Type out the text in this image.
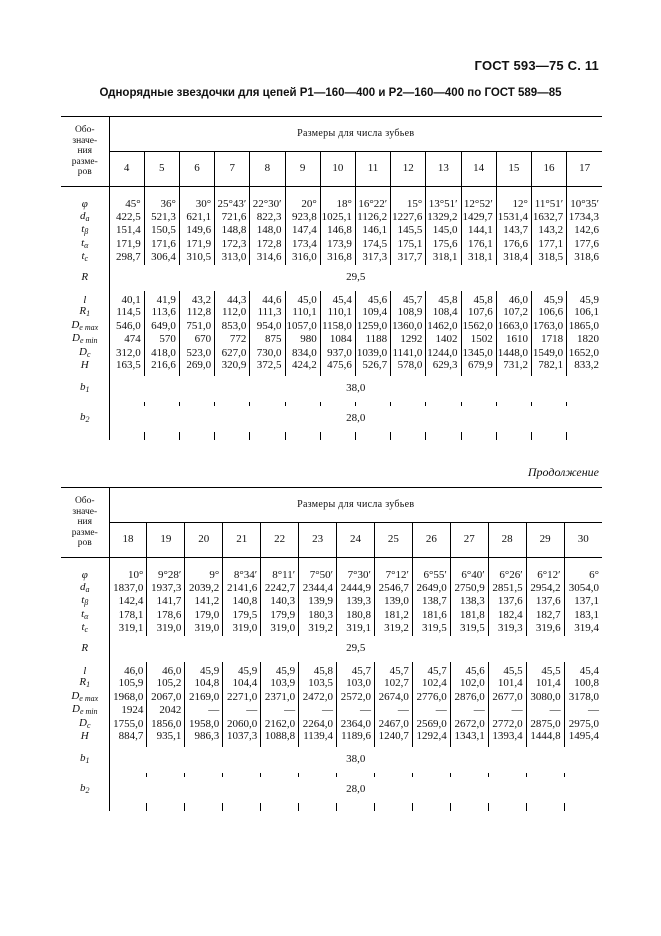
ГОСТ 593—75 С. 11
Однорядные звездочки для цепей Р1—160—400 и Р2—160—400 по ГОСТ 589—85
Обо-
значе-
ния
разме-
ров	Размеры для числа зубьев													
	4	5	6	7	8	9	10	11	12	13	14	15	16	17

φ	45°	36°	30°	25°43′	22°30′	20°	18°	16°22′	15°	13°51′	12°52′	12°	11°51′	10°35′
$d_a$	422,5	521,3	621,1	721,6	822,3	923,8	1025,1	1126,2	1227,6	1329,2	1429,7	1531,4	1632,7	1734,3
$t_\beta$	151,4	150,5	149,6	148,8	148,0	147,4	146,8	146,1	145,5	145,0	144,1	143,7	143,2	142,6
$t_\alpha$	171,9	171,6	171,9	172,3	172,8	173,4	173,9	174,5	175,1	175,6	176,1	176,6	177,1	177,6
$t_c$	298,7	306,4	310,5	313,0	314,6	316,0	316,8	317,3	317,7	318,1	318,1	318,4	318,5	318,6
R	29,5													

l	40,1	41,9	43,2	44,3	44,6	45,0	45,4	45,6	45,7	45,8	45,8	46,0	45,9	45,9
$R_1$	114,5	113,6	112,8	112,0	111,3	110,1	110,1	109,4	108,9	108,4	107,6	107,2	106,6	106,1
$D_{e max}$	546,0	649,0	751,0	853,0	954,0	1057,0	1158,0	1259,0	1360,0	1462,0	1562,0	1663,0	1763,0	1865,0
$D_{e min}$	474	570	670	772	875	980	1084	1188	1292	1402	1502	1610	1718	1820
$D_c$	312,0	418,0	523,0	627,0	730,0	834,0	937,0	1039,0	1141,0	1244,0	1345,0	1448,0	1549,0	1652,0
H	163,5	216,6	269,0	320,9	372,5	424,2	475,6	526,7	578,0	629,3	679,9	731,2	782,1	833,2

$b_1$	38,0													

$b_2$	28,0													

Продолжение
Обо-
значе-
ния
разме-
ров	Размеры для числа зубьев												
	18	19	20	21	22	23	24	25	26	27	28	29	30

φ	10°	9°28′	9°	8°34′	8°11′	7°50′	7°30′	7°12′	6°55′	6°40′	6°26′	6°12′	6°
$d_a$	1837,0	1937,3	2039,2	2141,6	2242,7	2344,4	2444,9	2546,7	2649,0	2750,9	2851,5	2954,2	3054,0
$t_\beta$	142,4	141,7	141,2	140,8	140,3	139,9	139,3	139,0	138,7	138,3	137,6	137,6	137,1
$t_\alpha$	178,1	178,6	179,0	179,5	179,9	180,3	180,8	181,2	181,6	181,8	182,4	182,7	183,1
$t_c$	319,1	319,0	319,0	319,0	319,0	319,2	319,1	319,2	319,5	319,5	319,3	319,6	319,4
R	29,5												

l	46,0	46,0	45,9	45,9	45,9	45,8	45,7	45,7	45,7	45,6	45,5	45,5	45,4
$R_1$	105,9	105,2	104,8	104,4	103,9	103,5	103,0	102,7	102,4	102,0	101,4	101,4	100,8
$D_{e max}$	1968,0	2067,0	2169,0	2271,0	2371,0	2472,0	2572,0	2674,0	2776,0	2876,0	2677,0	3080,0	3178,0
$D_{e min}$	1924	2042	—	—	—	—	—	—	—	—	—	—	—
$D_c$	1755,0	1856,0	1958,0	2060,0	2162,0	2264,0	2364,0	2467,0	2569,0	2672,0	2772,0	2875,0	2975,0
H	884,7	935,1	986,3	1037,3	1088,8	1139,4	1189,6	1240,7	1292,4	1343,1	1393,4	1444,8	1495,4

$b_1$	38,0												

$b_2$	28,0												
